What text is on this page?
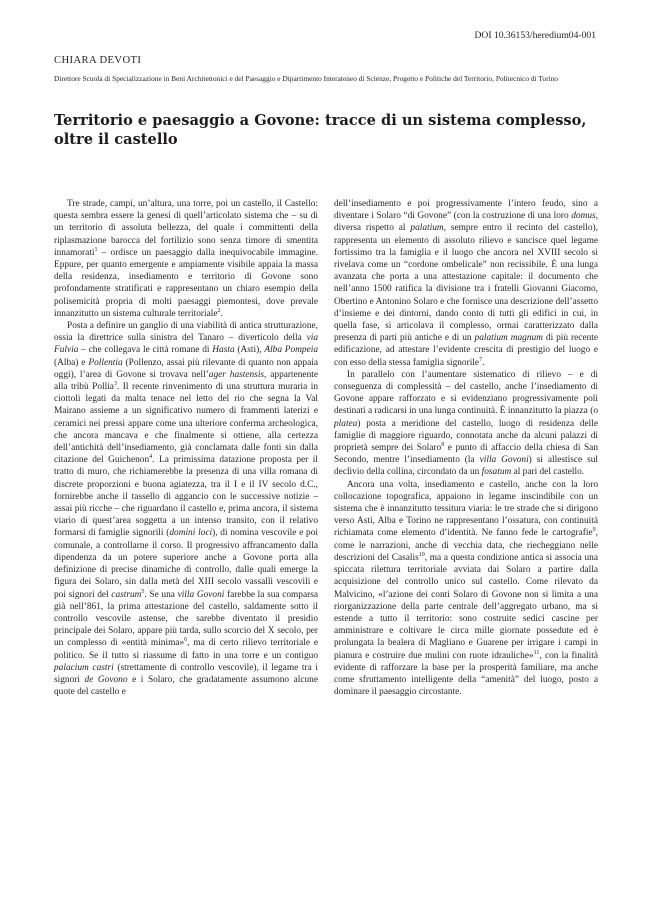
DOI 10.36153/heredium04-001
CHIARA DEVOTI
Direttore Scuola di Specializzazione in Beni Architettonici e del Paesaggio e Dipartimento Interateneo di Scienze, Progetto e Politiche del Territorio, Politecnico di Torino
Territorio e paesaggio a Govone: tracce di un sistema complesso, oltre il castello

Tre strade, campi, un’altura, una torre, poi un castello, il Castello: questa sembra essere la genesi di quell’articolato sistema che – su di un territorio di assoluta bellezza, del quale i committenti della riplasmazione barocca del fortilizio sono senza timore di smentita innamorati$^1$ – ordisce un paesaggio dalla inequivocabile immagine. Eppure, per quanto emergente e ampiamente visibile appaia la massa della residenza, insediamento e territorio di Govone sono profondamente stratificati e rappresentano un chiaro esempio della polisemicità propria di molti paesaggi piemontesi, dove prevale innanzitutto un sistema culturale territoriale$^2$.

Posta a definire un ganglio di una viabilità di antica strutturazione, ossia la direttrice sulla sinistra del Tanaro – diverticolo della via Fulvia – che collegava le città romane di Hasta (Asti), Alba Pompeia (Alba) e Pollentia (Pollenzo, assai più rilevante di quanto non appaia oggi), l’area di Govone si trovava nell’ager hastensis, appartenente alla tribù Pollia$^3$. Il recente rinvenimento di una struttura muraria in ciottoli legati da malta tenace nel letto del rio che segna la Val Mairano assieme a un significativo numero di frammenti laterizi e ceramici nei pressi appare come una ulteriore conferma archeologica, che ancora mancava e che finalmente si ottiene, alla certezza dell’antichità dell’insediamento, già conclamata dalle fonti sin dalla citazione del Guichenon$^4$. La primissima datazione proposta per il tratto di muro, che richiamerebbe la presenza di una villa romana di discrete proporzioni e buona agiatezza, tra il I e il IV secolo d.C., fornirebbe anche il tassello di aggancio con le successive notizie – assai più ricche – che riguardano il castello e, prima ancora, il sistema viario di quest’area soggetta a un intenso transito, con il relativo formarsi di famiglie signorili (domini loci), di nomina vescovile e poi comunale, a controllarne il corso. Il progressivo affrancamento dalla dipendenza da un potere superiore anche a Govone porta alla definizione di precise dinamiche di controllo, dalle quali emerge la figura dei Solaro, sin dalla metà del XIII secolo vassalli vescovili e poi signori del castrum$^5$. Se una villa Govoni farebbe la sua comparsa già nell’861, la prima attestazione del castello, saldamente sotto il controllo vescovile astense, che sarebbe diventato il presidio principale dei Solaro, appare più tarda, sullo scorcio del X secolo, per un complesso di «entità minima»$^6$, ma di certo rilievo territoriale e politico. Se il tutto si riassume di fatto in una torre e un contiguo palacium castri (strettamente di controllo vescovile), il legame tra i signori de Govono e i Solaro, che gradatamente assumono alcune quote del castello e

dell’insediamento e poi progressivamente l’intero feudo, sino a diventare i Solaro “di Govone” (con la costruzione di una loro domus, diversa rispetto al palatium, sempre entro il recinto del castello), rappresenta un elemento di assoluto rilievo e sancisce quel legame fortissimo tra la famiglia e il luogo che ancora nel XVIII secolo si rivelava come un “cordone ombelicale” non recissibile. È una lunga avanzata che porta a una attestazione capitale: il documento che nell’anno 1500 ratifica la divisione tra i fratelli Giovanni Giacomo, Obertino e Antonino Solaro e che fornisce una descrizione dell’assetto d’insieme e dei dintorni, dando conto di tutti gli edifici in cui, in quella fase, si articolava il complesso, ormai caratterizzato dalla presenza di parti più antiche e di un palatium magnum di più recente edificazione, ad attestare l’evidente crescita di prestigio del luogo e con esso della stessa famiglia signorile$^7$.

In parallelo con l’aumentare sistematico di rilievo – e di conseguenza di complessità – del castello, anche l’insediamento di Govone appare rafforzato e si evidenziano progressivamente poli destinati a radicarsi in una lunga continuità. È innanzitutto la piazza (o platea) posta a meridione del castello, luogo di residenza delle famiglie di maggiore riguardo, connotata anche da alcuni palazzi di proprietà sempre dei Solaro$^8$ e punto di affaccio della chiesa di San Secondo, mentre l’insediamento (la villa Govoni) si allestisce sul declivio della collina, circondato da un fosatum al pari del castello.

Ancora una volta, insediamento e castello, anche con la loro collocazione topografica, appaiono in legame inscindibile con un sistema che è innanzitutto tessitura viaria: le tre strade che si dirigono verso Asti, Alba e Torino ne rappresentano l’ossatura, con continuità richiamata come elemento d’identità. Ne fanno fede le cartografie$^9$, come le narrazioni, anche di vecchia data, che riecheggiano nelle descrizioni del Casalis$^{10}$, ma a questa condizione antica si associa una spiccata rilettura territoriale avviata dai Solaro a partire dalla acquisizione del controllo unico sul castello. Come rilevato da Malvicino, «l’azione dei conti Solaro di Govone non si limita a una riorganizzazione della parte centrale dell’aggregato urbano, ma si estende a tutto il territorio: sono costruite sedici cascine per amministrare e coltivare le circa mille giornate possedute ed è prolungata la bealera di Magliano e Guarene per irrigare i campi in pianura e costruire due mulini con ruote idrauliche»$^{11}$, con la finalità evidente di rafforzare la base per la prosperità familiare, ma anche come sfruttamento intelligente della “amenità” del luogo, posto a dominare il paesaggio circostante.
